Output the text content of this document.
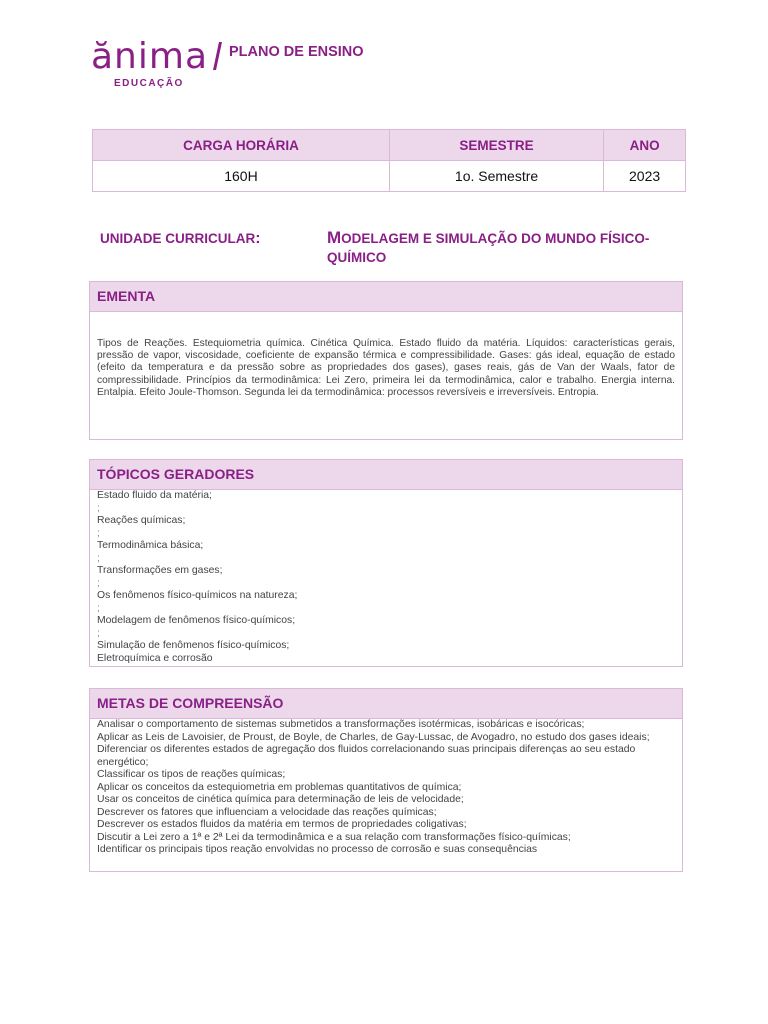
ănima
EDUCAÇÃO
PLANO DE ENSINO
CARGA HORÁRIA	SEMESTRE	ANO
160H	1o. Semestre	2023
UNIDADE CURRICULAR:	MODELAGEM E SIMULAÇÃO DO MUNDO FÍSICO-QUÍMICO
EMENTA
Tipos de Reações. Estequiometria química. Cinética Química. Estado fluido da matéria. Líquidos: características gerais, pressão de vapor, viscosidade, coeficiente de expansão térmica e compressibilidade. Gases: gás ideal, equação de estado (efeito da temperatura e da pressão sobre as propriedades dos gases), gases reais, gás de Van der Waals, fator de compressibilidade. Princípios da termodinâmica: Lei Zero, primeira lei da termodinâmica, calor e trabalho. Energia interna. Entalpia. Efeito Joule-Thomson. Segunda lei da termodinâmica: processos reversíveis e irreversíveis. Entropia.
TÓPICOS GERADORES
Estado fluido da matéria;
;
Reações químicas;
;
Termodinâmica básica;
;
Transformações em gases;
;
Os fenômenos físico-químicos na natureza;
;
Modelagem de fenômenos físico-químicos;
;
Simulação de fenômenos físico-químicos;
Eletroquímica e corrosão
METAS DE COMPREENSÃO
Analisar o comportamento de sistemas submetidos a transformações isotérmicas, isobáricas e isocóricas;
Aplicar as Leis de Lavoisier, de Proust, de Boyle, de Charles, de Gay-Lussac, de Avogadro, no estudo dos gases ideais;
Diferenciar os diferentes estados de agregação dos fluidos correlacionando suas principais diferenças ao seu estado energético;
Classificar os tipos de reações químicas;
Aplicar os conceitos da estequiometria em problemas quantitativos de química;
Usar os conceitos de cinética química para determinação de leis de velocidade;
Descrever os fatores que influenciam a velocidade das reações químicas;
Descrever os estados fluidos da matéria em termos de propriedades coligativas;
Discutir a Lei zero a 1ª e 2ª Lei da termodinâmica e a sua relação com transformações físico-químicas;
Identificar os principais tipos reação envolvidas no processo de corrosão e suas consequências
